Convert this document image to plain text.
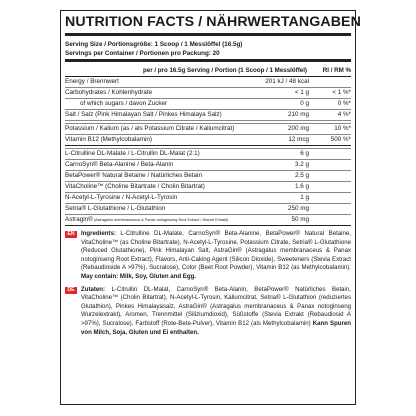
NUTRITION FACTS / NÄHRWERTANGABEN
Serving Size / Portionsgröße: 1 Scoop / 1 Messlöffel (16.5g)
Servings per Container / Portionen pro Packung: 20
per / pro 16.5g Serving / Portion (1 Scoop / 1 Messlöffel)	RI / RM %
Energy / Brennwert	201 kJ / 48 kcal
Carbohydrates / Kohlenhydrate	< 1 g	< 1 %*
of which sugars / davon Zucker	0 g	0 %*
Salt / Salz (Pink Himalayan Salt / Pinkes Himalaya Salz)	210 mg	4 %*
Potassium / Kalium (as / als Potassium Citrate / Kaliumcitrat)	200 mg	10 %*
Vitamin B12 (Methylcobalamin)	12 mcg	500 %*
L-Citrulline DL-Malate / L-Citrullin DL-Malat (2:1)	6 g
CarnoSyn® Beta-Alanine / Beta-Alanin	3.2 g
BetaPower® Natural Betaine / Natürliches Betain	2.5 g
VitaCholine™ (Choline Bitartrate / Cholin Bitartrat)	1.6 g
N-Acetyl-L-Tyrosine / N-Acetyl-L-Tyrosin	1 g
Setria® L-Glutathione / L-Glutathion	250 mg
Astragin® (Astragalus membranaceus & Panax notoginseng Root Extract / Wurzel Extrakt)	50 mg
EN	Ingredients: L-Citrulline DL-Malate, CarnoSyn® Beta-Alanine, BetaPower® Natural Betaine, VitaCholine™ (as Choline Bitartrate), N-Acetyl-L-Tyrosine, Potassium Citrate, Setria® L-Glutathione (Reduced Glutathione), Pink Himalayan Salt, AstraGin® (Astragalus membranaceus & Panax notoginseng Root Extract), Flavors, Anti-Caking Agent (Silicon Dioxide), Sweeteners (Stevia Extract (Rebaudioside A >97%), Sucralose), Color (Beet Root Powder), Vitamin B12 (as Methylcobalamin). May contain: Milk, Soy, Gluten and Egg.
DE	Zutaten: L-Citrullin DL-Malat, CarnoSyn® Beta-Alanin, BetaPower® Natürliches Betain, VitaCholine™ (Cholin Bitartrat), N-Acetyl-L-Tyrosin, Kaliumcitrat, Setria® L-Glutathion (reduziertes Glutathion), Pinkes Himalayasalz, AstraGin® (Astragalus membranaceus & Panax notoginseng Wurzelextrakt), Aromen, Trennmittel (Siliziumdioxid), Süßstoffe (Stevia Extrakt (Rebaudiosid A >97%), Sucralose), Farbstoff (Rote-Bete-Pulver), Vitamin B12 (als Methylcobalamin) Kann Spuren von Milch, Soja, Gluten und Ei enthalten.
